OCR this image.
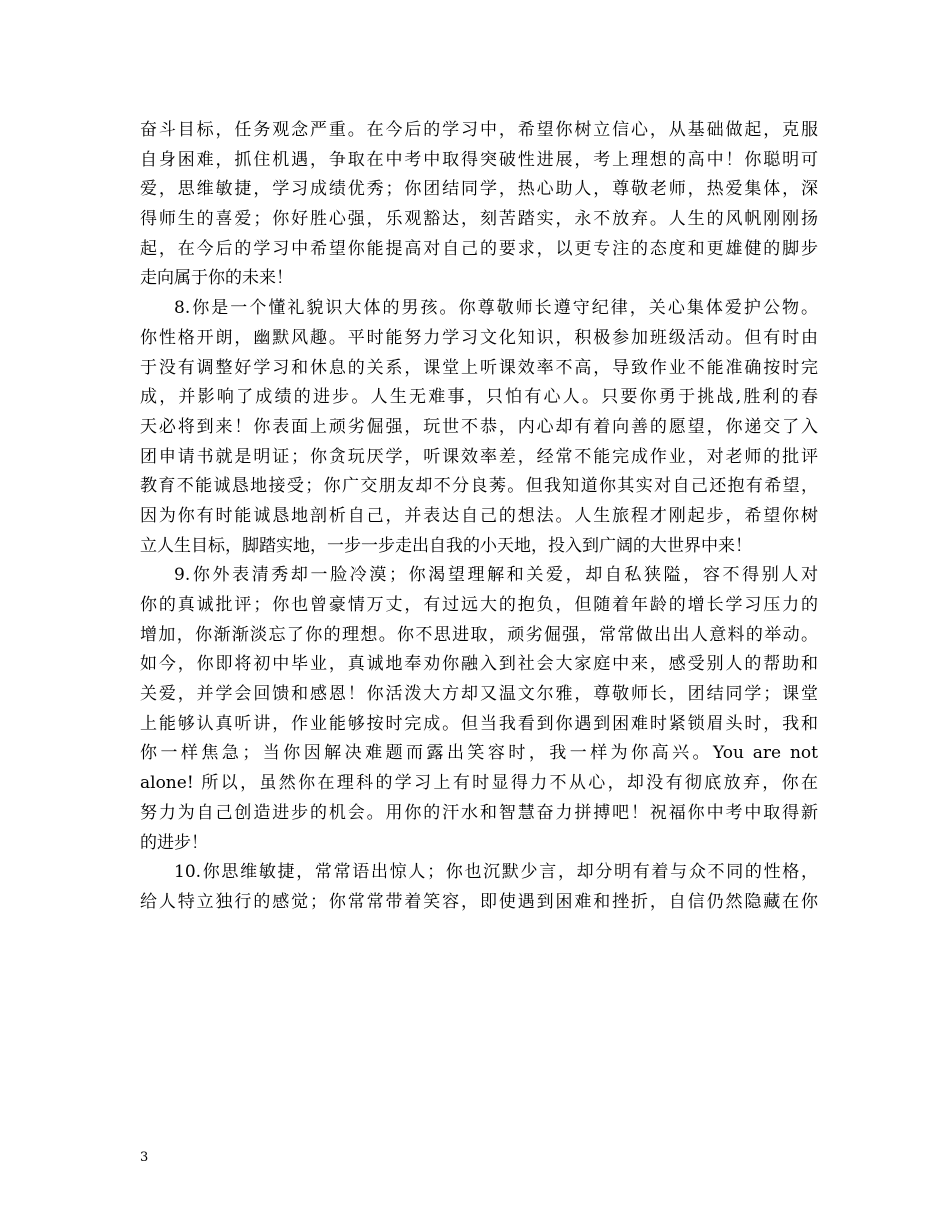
奋斗目标，任务观念严重。在今后的学习中，希望你树立信心，从基础做起，克服
自身困难，抓住机遇，争取在中考中取得突破性进展，考上理想的高中！你聪明可
爱，思维敏捷，学习成绩优秀；你团结同学，热心助人，尊敬老师，热爱集体，深
得师生的喜爱；你好胜心强，乐观豁达，刻苦踏实，永不放弃。人生的风帆刚刚扬
起，在今后的学习中希望你能提高对自己的要求，以更专注的态度和更雄健的脚步
走向属于你的未来！
8.你是一个懂礼貌识大体的男孩。你尊敬师长遵守纪律，关心集体爱护公物。
你性格开朗，幽默风趣。平时能努力学习文化知识，积极参加班级活动。但有时由
于没有调整好学习和休息的关系，课堂上听课效率不高，导致作业不能准确按时完
成，并影响了成绩的进步。人生无难事，只怕有心人。只要你勇于挑战,胜利的春
天必将到来！你表面上顽劣倔强，玩世不恭，内心却有着向善的愿望，你递交了入
团申请书就是明证；你贪玩厌学，听课效率差，经常不能完成作业，对老师的批评
教育不能诚恳地接受；你广交朋友却不分良莠。但我知道你其实对自己还抱有希望，
因为你有时能诚恳地剖析自己，并表达自己的想法。人生旅程才刚起步，希望你树
立人生目标，脚踏实地，一步一步走出自我的小天地，投入到广阔的大世界中来！
9.你外表清秀却一脸冷漠；你渴望理解和关爱，却自私狭隘，容不得别人对
你的真诚批评；你也曾豪情万丈，有过远大的抱负，但随着年龄的增长学习压力的
增加，你渐渐淡忘了你的理想。你不思进取，顽劣倔强，常常做出出人意料的举动。
如今，你即将初中毕业，真诚地奉劝你融入到社会大家庭中来，感受别人的帮助和
关爱，并学会回馈和感恩！你活泼大方却又温文尔雅，尊敬师长，团结同学；课堂
上能够认真听讲，作业能够按时完成。但当我看到你遇到困难时紧锁眉头时，我和
你一样焦急；当你因解决难题而露出笑容时，我一样为你高兴。You are not
alone! 所以，虽然你在理科的学习上有时显得力不从心，却没有彻底放弃，你在
努力为自己创造进步的机会。用你的汗水和智慧奋力拼搏吧！祝福你中考中取得新
的进步！
10.你思维敏捷，常常语出惊人；你也沉默少言，却分明有着与众不同的性格，
给人特立独行的感觉；你常常带着笑容，即使遇到困难和挫折，自信仍然隐藏在你
3
